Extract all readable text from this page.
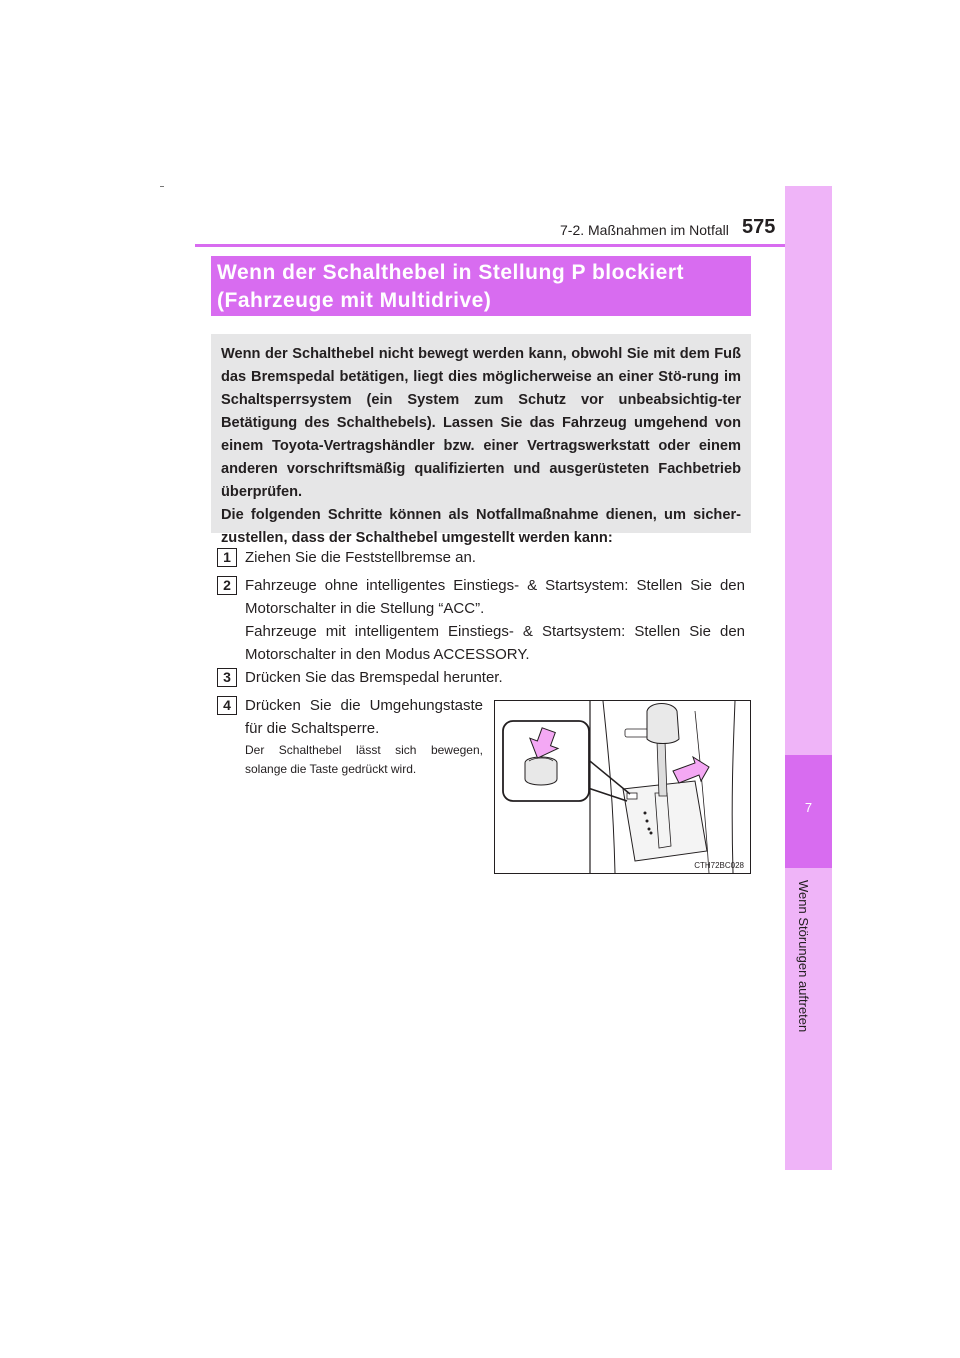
7-2. Maßnahmen im Notfall 575
7
Wenn Störungen auftreten
Wenn der Schalthebel in Stellung P blockiert
(Fahrzeuge mit Multidrive)

Wenn der Schalthebel nicht bewegt werden kann, obwohl Sie mit dem Fuß das Bremspedal betätigen, liegt dies möglicherweise an einer Stö-rung im Schaltsperrsystem (ein System zum Schutz vor unbeabsichtig-ter Betätigung des Schalthebels). Lassen Sie das Fahrzeug umgehend von einem Toyota-Vertragshändler bzw. einer Vertragswerkstatt oder einem anderen vorschriftsmäßig qualifizierten und ausgerüsteten Fachbetrieb überprüfen.

Die folgenden Schritte können als Notfallmaßnahme dienen, um sicher-zustellen, dass der Schalthebel umgestellt werden kann:

1 Ziehen Sie die Feststellbremse an.
2 Fahrzeuge ohne intelligentes Einstiegs- & Startsystem: Stellen Sie den Motorschalter in die Stellung “ACC”.
Fahrzeuge mit intelligentem Einstiegs- & Startsystem: Stellen Sie den Motorschalter in den Modus ACCESSORY.
3 Drücken Sie das Bremspedal herunter.
4 Drücken Sie die Umgehungstaste für die Schaltsperre.
Der Schalthebel lässt sich bewegen, solange die Taste gedrückt wird.
CTH72BC028
